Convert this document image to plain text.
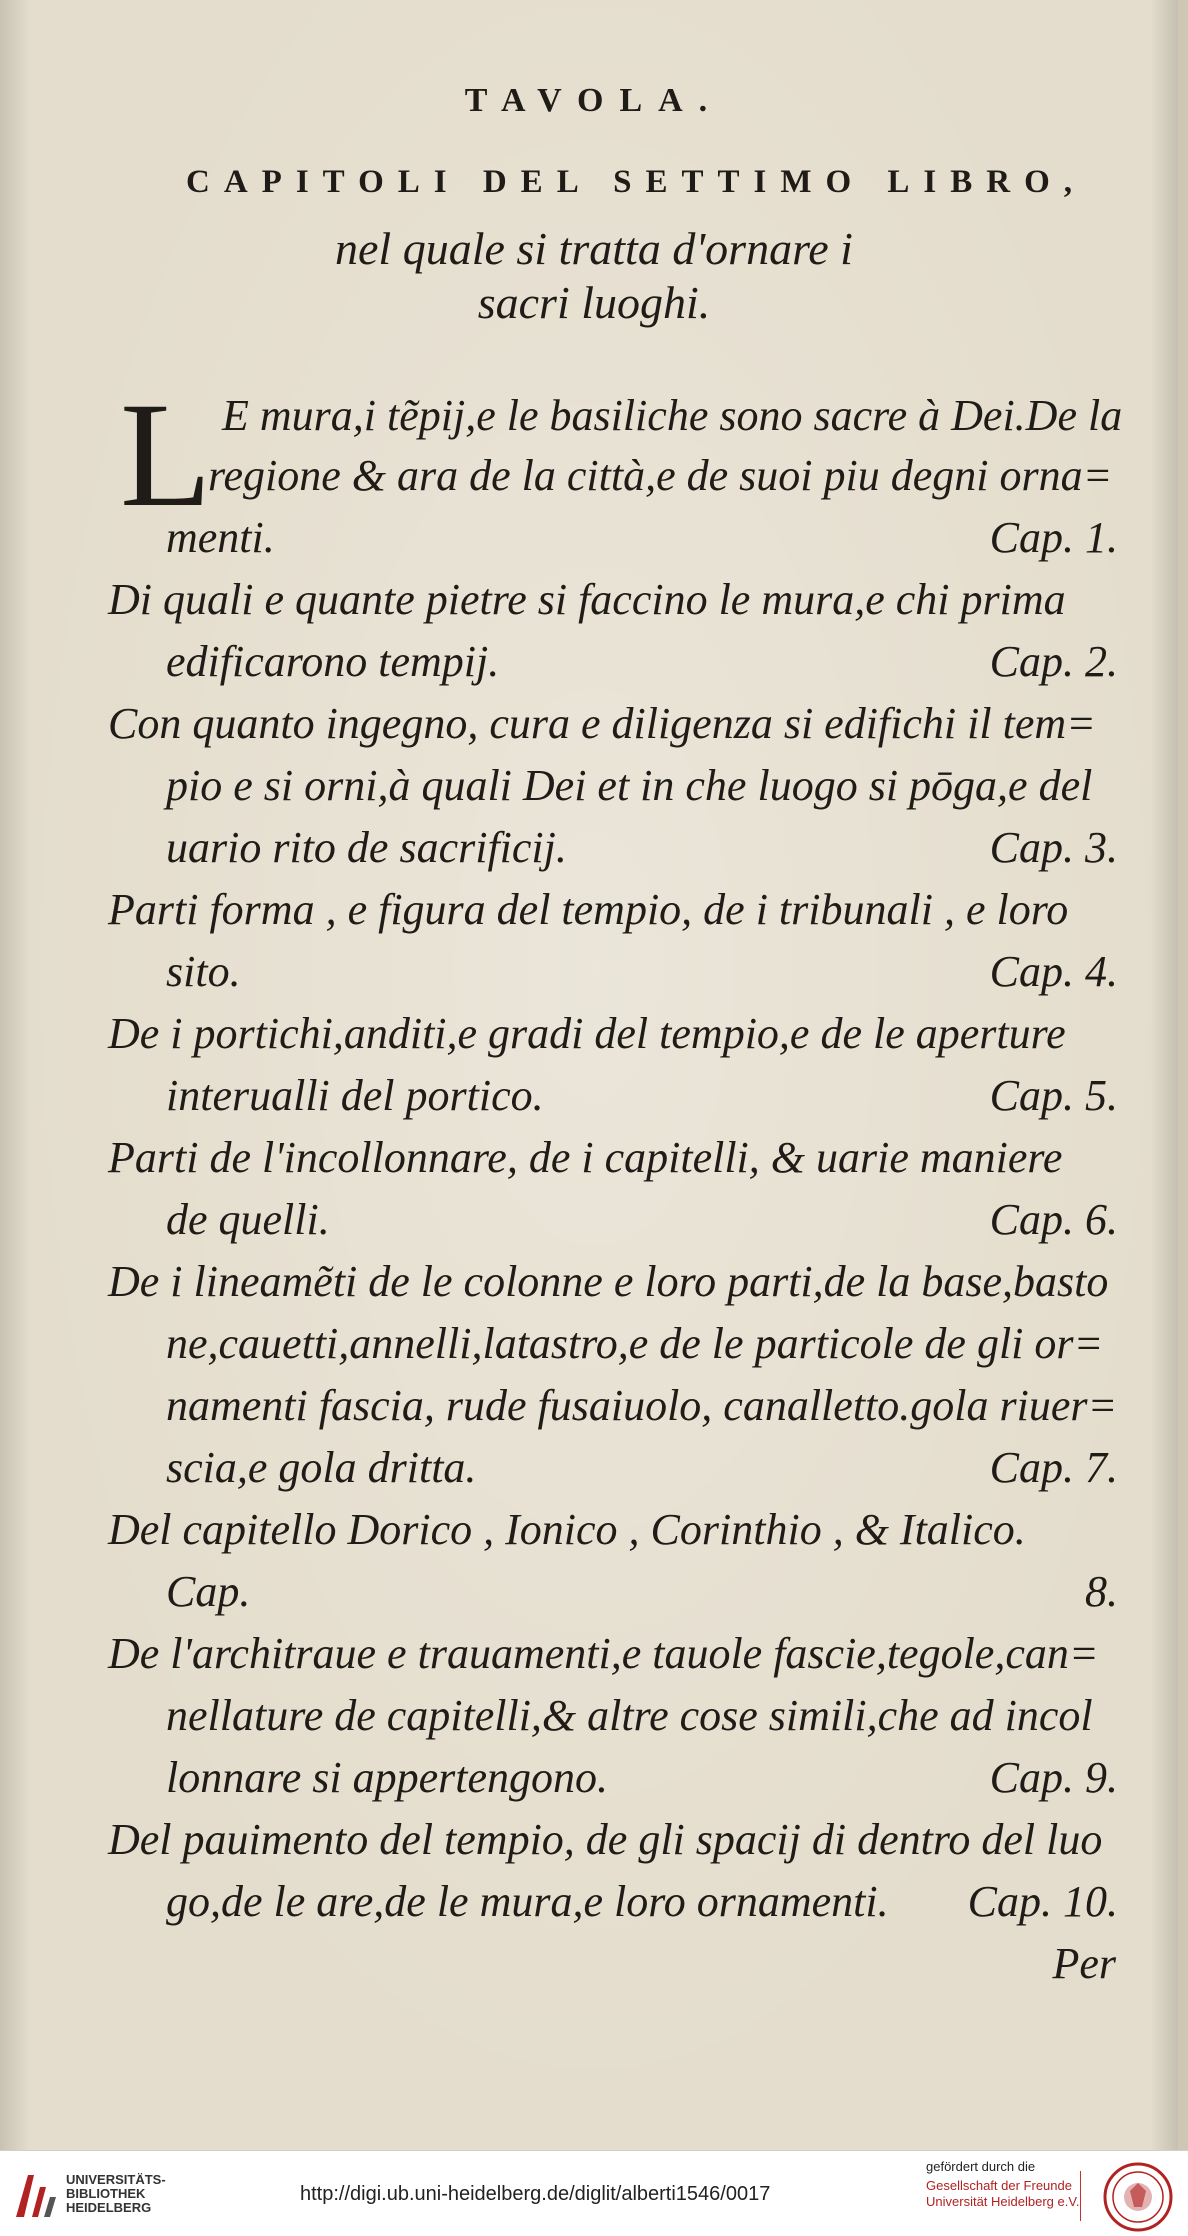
TAVOLA.
CAPITOLI DEL SETTIMO LIBRO,
nel quale si tratta d'ornare i
sacri luoghi.
L E mura,i tẽpij,e le basiliche sono sacre à Dei.De la
regione & ara de la città,e de suoi piu degni orna=
menti.	Cap. 1.
Di quali e quante pietre si faccino le mura,e chi prima
edificarono tempij.	Cap. 2.
Con quanto ingegno, cura e diligenza si edifichi il tem=
pio e si orni,à quali Dei et in che luogo si pōga,e del
uario rito de sacrificij.	Cap. 3.
Parti forma , e figura del tempio, de i tribunali , e loro
sito.	Cap. 4.
De i portichi,anditi,e gradi del tempio,e de le aperture
interualli del portico.	Cap. 5.
Parti de l'incollonnare, de i capitelli, & uarie maniere
de quelli.	Cap. 6.
De i lineamẽti de le colonne e loro parti,de la base,basto
ne,cauetti,annelli,latastro,e de le particole de gli or=
namenti fascia, rude fusaiuolo, canalletto.gola riuer=
scia,e gola dritta.	Cap. 7.
Del capitello Dorico , Ionico , Corinthio , & Italico.
Cap.	8.
De l'architraue e trauamenti,e tauole fascie,tegole,can=
nellature de capitelli,& altre cose simili,che ad incol
lonnare si appertengono.	Cap. 9.
Del pauimento del tempio, de gli spacij di dentro del luo
go,de le are,de le mura,e loro ornamenti. Cap. 10.
Per
UNIVERSITÄTS-
BIBLIOTHEK
HEIDELBERG
http://digi.ub.uni-heidelberg.de/diglit/alberti1546/0017
gefördert durch die
Gesellschaft der Freunde
Universität Heidelberg e.V.
